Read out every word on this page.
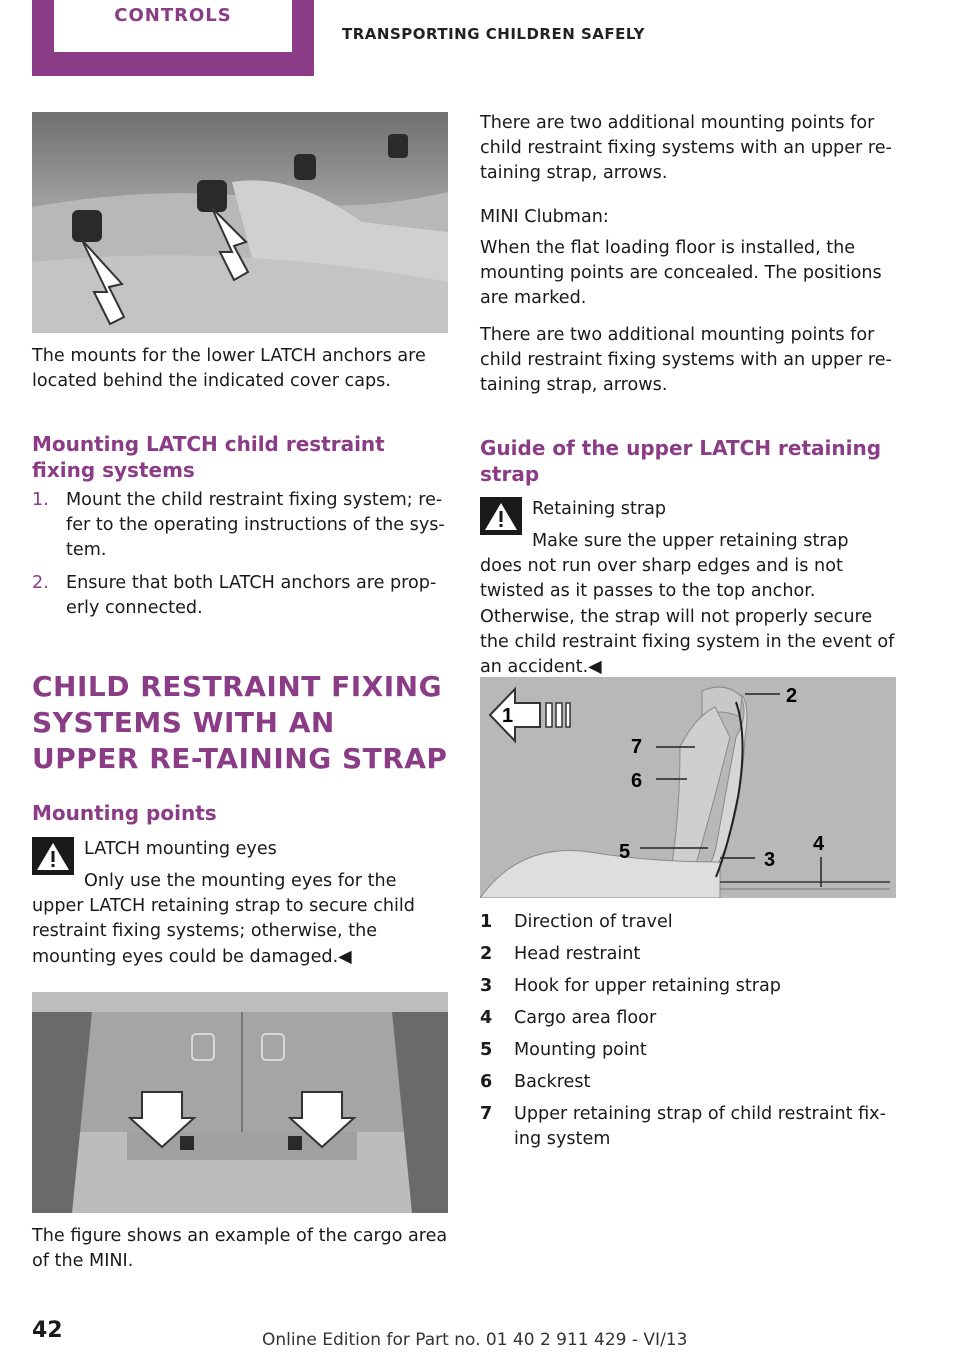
CONTROLS
TRANSPORTING CHILDREN SAFELY
The mounts for the lower LATCH anchors are located behind the indicated cover caps.
Mounting LATCH child restraint fixing systems
1. Mount the child restraint fixing system; re-fer to the operating instructions of the sys-tem.
2. Ensure that both LATCH anchors are prop-erly connected.
CHILD RESTRAINT FIXING SYSTEMS WITH AN UPPER RE-TAINING STRAP
Mounting points
LATCH mounting eyes
Only use the mounting eyes for the upper LATCH retaining strap to secure child restraint fixing systems; otherwise, the mounting eyes could be damaged.◀
The figure shows an example of the cargo area of the MINI.
There are two additional mounting points for child restraint fixing systems with an upper re-taining strap, arrows.
MINI Clubman:
When the flat loading floor is installed, the mounting points are concealed. The positions are marked.
There are two additional mounting points for child restraint fixing systems with an upper re-taining strap, arrows.
Guide of the upper LATCH retaining strap
Retaining strap
Make sure the upper retaining strap does not run over sharp edges and is not twisted as it passes to the top anchor. Otherwise, the strap will not properly secure the child restraint fixing system in the event of an accident.◀
1
2
3
4
5
6
7
1 Direction of travel
2 Head restraint
3 Hook for upper retaining strap
4 Cargo area floor
5 Mounting point
6 Backrest
7 Upper retaining strap of child restraint fix-ing system
42	Online Edition for Part no. 01 40 2 911 429 - VI/13
